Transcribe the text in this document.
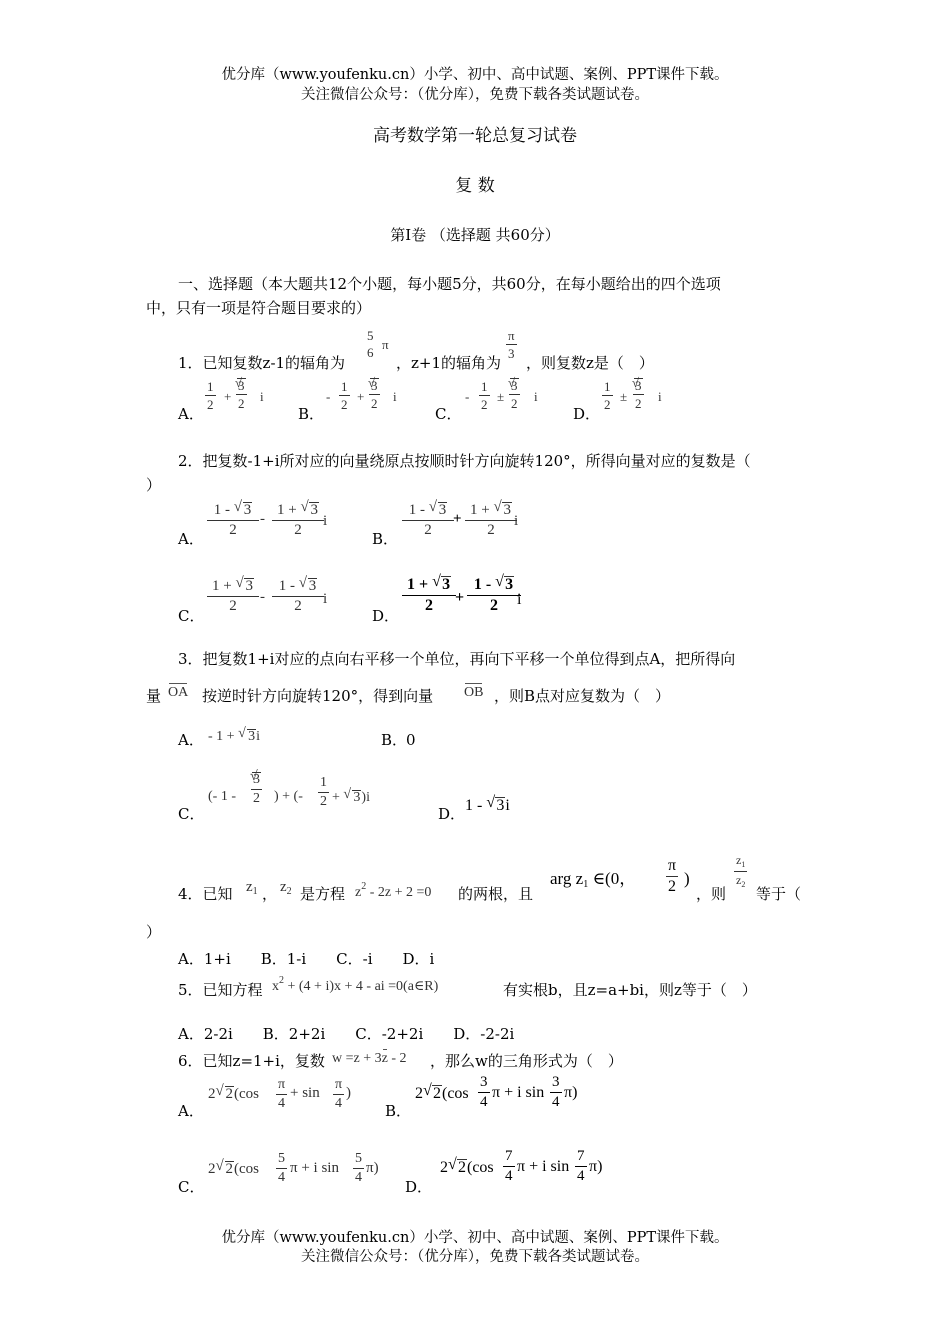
优分库（www.youfenku.cn）小学、初中、高中试题、案例、PPT课件下载。
关注微信公众号：（优分库），免费下载各类试题试卷。
高考数学第一轮总复习试卷
复 数
第I卷 （选择题 共60分）
一、选择题（本大题共12个小题，每小题5分，共60分，在每小题给出的四个选项
中，只有一项是符合题目要求的）
1．已知复数z-1的辐角为
5
6
π
，z+1的辐角为
$\frac{\pi}{3}$
，则复数z是（　）
A．
$\frac{1}{2}$ +
√ 3
2 i
B．
- $\frac{1}{2}$ +
√ 3
2 i
C．
- $\frac{1}{2}$ ±
√ 3
2 i
D．
$\frac{1}{2}$ ±
√ 3
2 i
2．把复数-1+i所对应的向量绕原点按顺时针方向旋转120°，所得向量对应的复数是（
）
A．
1 - √ 3
2
-
1 + √ 3
2
i
B．
1 - √ 3
2
+
1 + √ 3
2
i
C．
1 + √ 3
2
-
1 - √ 3
2	i
D．
1 + √ 3
2	+
1 - √ 3
2	i
3．把复数1+i对应的点向右平移一个单位，再向下平移一个单位得到点A，把所得向
量 OA 按逆时针方向旋转120°，得到向量 OB ，则B点对应复数为（　）
A． - 1 + √ 3i	B．
0
C．
(- 1 -
√ 3
2 ) + (- $\frac{1}{2}$ + √ 3)i
D． 1 - √ 3i
4．已知 $z_1$ ， $z_2$ 是方程 $z^2 - 2z + 2 =0$ 的两根，且
arg z1 ∈(0， $\frac{\pi}{2}$ )
，则
$z_1$
$z_2$
等于（
）
A．1+i　　B．1-i　　C．-i　　D．i
5．已知方程 $x^2 + (4 + i)x + 4$ - ai =0(a∈R)	有实根b，且z=a+bi，则z等于（　）
A．2-2i　　B．2+2i　　C．-2+2i　　D．-2-2i
6．已知z=1+i，复数 w =z + 3z - 2 ，那么w的三角形式为（　）
A．
2 √ $2(\cos \frac{\pi}{4} + \sin \frac{\pi}{4}$ )
B．
2 √ $2(\cos \frac{3}{4}$ π + i $\sin \frac{3}{4} \pi$)
C．
2 √ $2(\cos \frac{5}{4}$ π + i $\sin \frac{5}{4} \pi$)
D．
2 √ $2(\cos \frac{7}{4}$ π + i $\sin \frac{7}{4} \pi$)
优分库（www.youfenku.cn）小学、初中、高中试题、案例、PPT课件下载。
关注微信公众号：（优分库），免费下载各类试题试卷。
